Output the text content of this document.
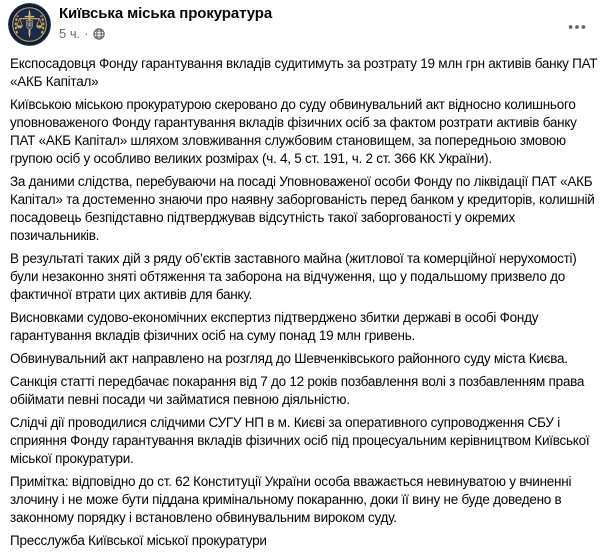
Київська міська прокуратура
5 ч. ·

Експосадовця Фонду гарантування вкладів судитимуть за розтрату 19 млн грн активів банку ПАТ «АКБ Капітал»

Київською міською прокуратурою скеровано до суду обвинувальний акт відносно колишнього уповноваженого Фонду гарантування вкладів фізичних осіб за фактом розтрати активів банку ПАТ «АКБ Капітал» шляхом зловживання службовим становищем, за попередньою змовою групою осіб у особливо великих розмірах (ч. 4, 5 ст. 191, ч. 2 ст. 366 КК України).

За даними слідства, перебуваючи на посаді Уповноваженої особи Фонду по ліквідації ПАТ «АКБ Капітал» та достеменно знаючи про наявну заборгованість перед банком у кредиторів, колишній посадовець безпідставно підтверджував відсутність такої заборгованості у окремих позичальників.

В результаті таких дій з ряду об’єктів заставного майна (житлової та комерційної нерухомості) були незаконно зняті обтяження та заборона на відчуження, що у подальшому призвело до фактичної втрати цих активів для банку.

Висновками судово-економічних експертиз підтверджено збитки державі в особі Фонду гарантування вкладів фізичних осіб на суму понад 19 млн гривень.

Обвинувальний акт направлено на розгляд до Шевченківського районного суду міста Києва.

Санкція статті передбачає покарання від 7 до 12 років позбавлення волі з позбавленням права обіймати певні посади чи займатися певною діяльністю.

Слідчі дії проводилися слідчими СУГУ НП в м. Києві за оперативного супроводження СБУ і сприяння Фонду гарантування вкладів фізичних осіб під процесуальним керівництвом Київської міської прокуратури.

Примітка: відповідно до ст. 62 Конституції України особа вважається невинуватою у вчиненні злочину і не може бути піддана кримінальному покаранню, доки її вину не буде доведено в законному порядку і встановлено обвинувальним вироком суду.

Пресслужба Київської міської прокуратури
